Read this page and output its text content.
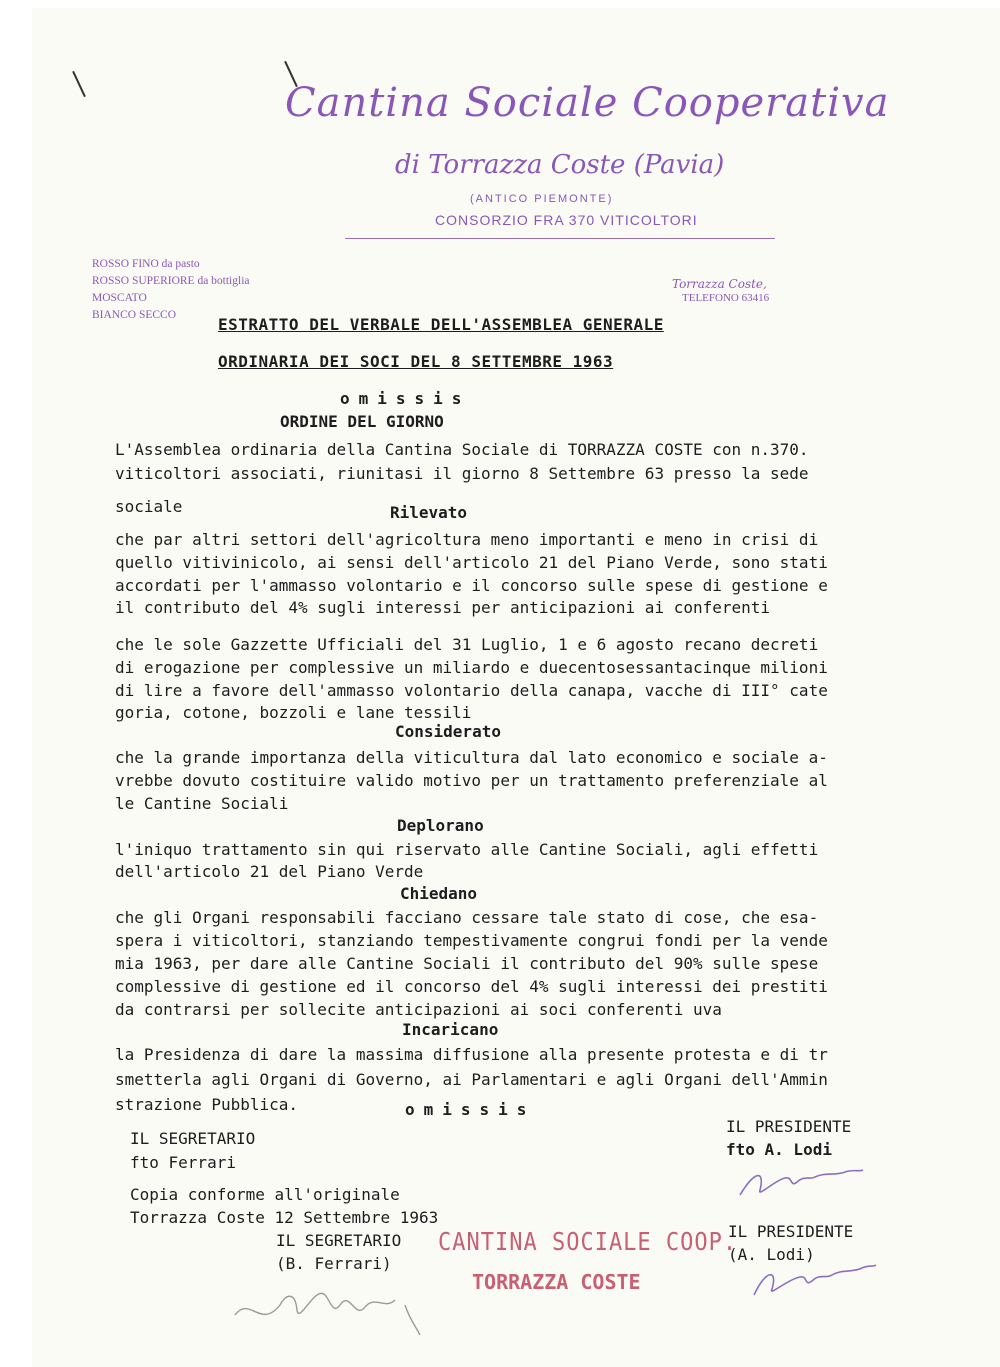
Cantina Sociale Cooperativa
di Torrazza Coste (Pavia)
(ANTICO PIEMONTE)
CONSORZIO FRA 370 VITICOLTORI
ROSSO FINO da pasto
ROSSO SUPERIORE da bottiglia
MOSCATO
BIANCO SECCO
Torrazza Coste,
TELEFONO 63416
ESTRATTO DEL VERBALE DELL'ASSEMBLEA GENERALE
ORDINARIA DEI SOCI DEL 8 SETTEMBRE 1963
omissis
ORDINE DEL GIORNO
L'Assemblea ordinaria della Cantina Sociale di TORRAZZA COSTE con n.370.
viticoltori associati, riunitasi il giorno 8 Settembre 63 presso la sede
sociale	Rilevato
che par altri settori dell'agricoltura meno importanti e meno in crisi di
quello vitivinicolo, ai sensi dell'articolo 21 del Piano Verde, sono stati
accordati per l'ammasso volontario e il concorso sulle spese di gestione e
il contributo del 4% sugli interessi per anticipazioni ai conferenti
che le sole Gazzette Ufficiali del 31 Luglio, 1 e 6 agosto recano decreti
di erogazione per complessive un miliardo e duecentosessantacinque milioni
di lire a favore dell'ammasso volontario della canapa, vacche di III° cate
goria, cotone, bozzoli e lane tessili
Considerato
che la grande importanza della viticultura dal lato economico e sociale a-
vrebbe dovuto costituire valido motivo per un trattamento preferenziale al
le Cantine Sociali
Deplorano
l'iniquo trattamento sin qui riservato alle Cantine Sociali, agli effetti
dell'articolo 21 del Piano Verde
Chiedano
che gli Organi responsabili facciano cessare tale stato di cose, che esa-
spera i viticoltori, stanziando tempestivamente congrui fondi per la vende
mia 1963, per dare alle Cantine Sociali il contributo del 90% sulle spese
complessive di gestione ed il concorso del 4% sugli interessi dei prestiti
da contrarsi per sollecite anticipazioni ai soci conferenti uva
Incaricano
la Presidenza di dare la massima diffusione alla presente protesta e di tr
smetterla agli Organi di Governo, ai Parlamentari e agli Organi dell'Ammin
strazione Pubblica.	omissis
IL SEGRETARIO
fto Ferrari
IL PRESIDENTE
fto A. Lodi
Copia conforme all'originale
Torrazza Coste 12 Settembre 1963
IL SEGRETARIO
(B. Ferrari)
IL PRESIDENTE
(A. Lodi)
CANTINA SOCIALE COOP.
TORRAZZA COSTE
